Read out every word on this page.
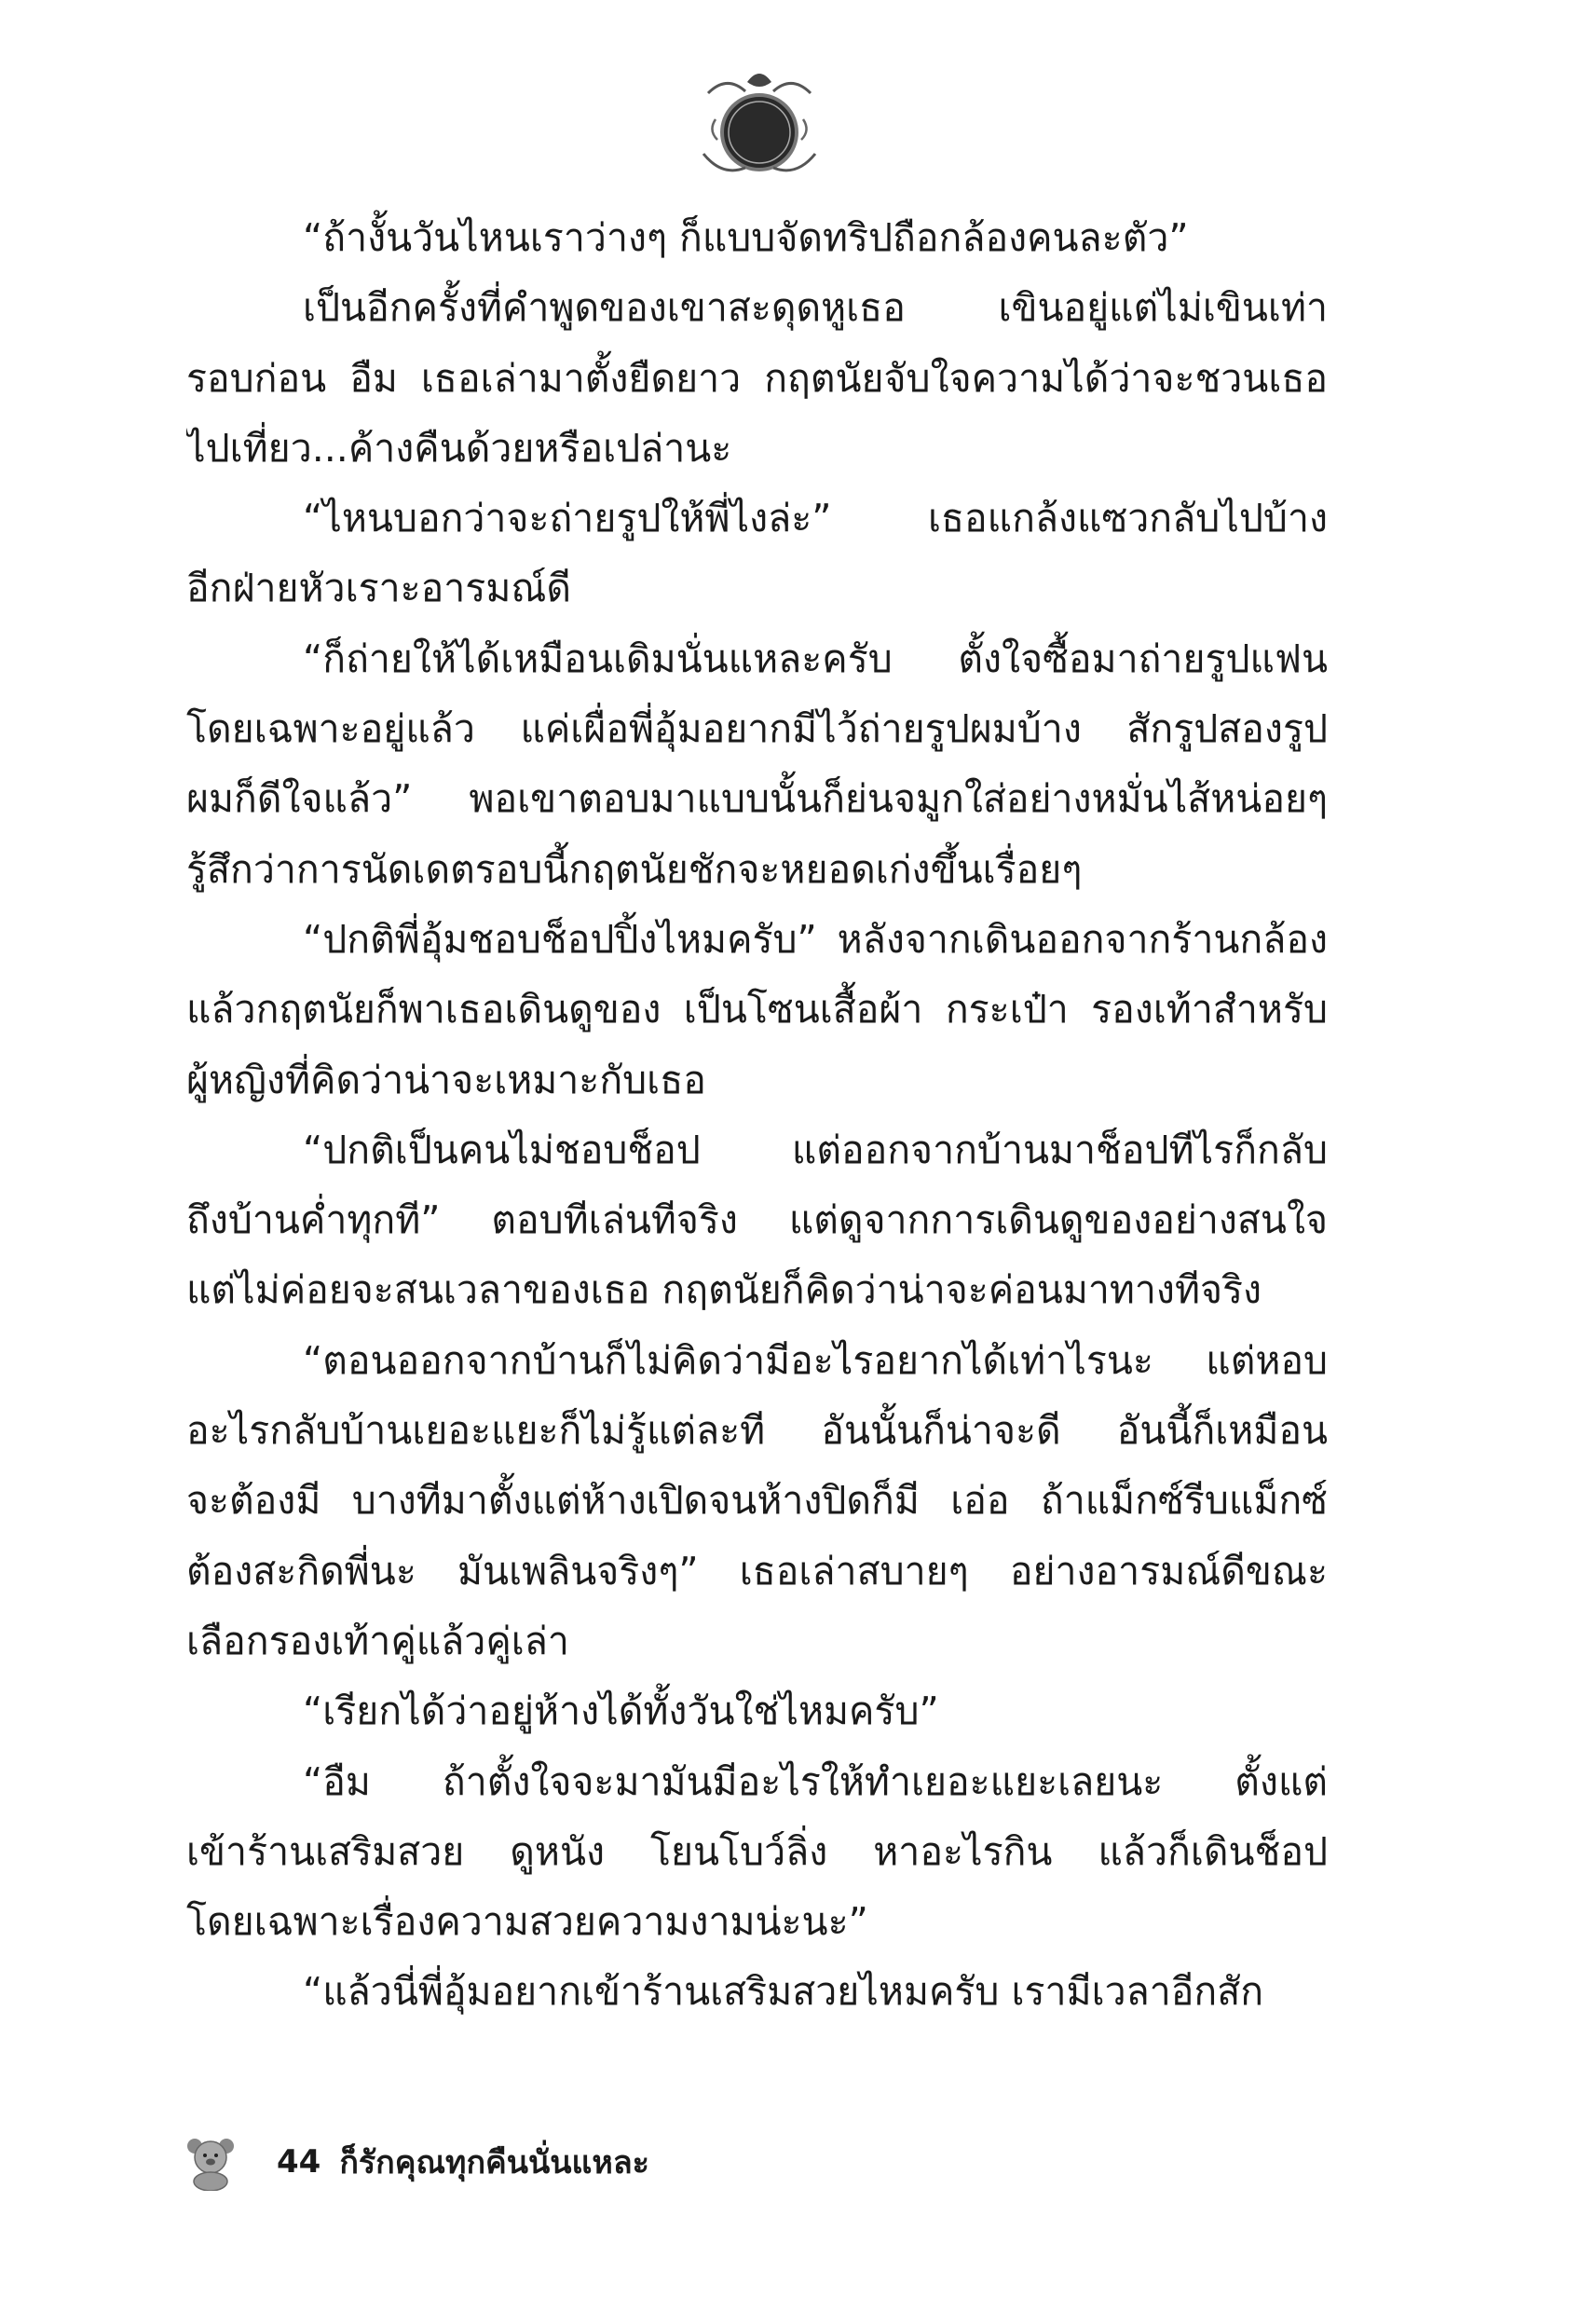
“ถ้างั้นวันไหนเราว่างๆ ก็แบบจัดทริปถือกล้องคนละตัว”
เป็นอีกครั้งที่คำพูดของเขาสะดุดหูเธอ เขินอยู่แต่ไม่เขินเท่า
รอบก่อน อืม เธอเล่ามาตั้งยืดยาว กฤตนัยจับใจความได้ว่าจะชวนเธอ
ไปเที่ยว...ค้างคืนด้วยหรือเปล่านะ
“ไหนบอกว่าจะถ่ายรูปให้พี่ไงล่ะ” เธอแกล้งแซวกลับไปบ้าง
อีกฝ่ายหัวเราะอารมณ์ดี
“ก็ถ่ายให้ได้เหมือนเดิมนั่นแหละครับ ตั้งใจซื้อมาถ่ายรูปแฟน
โดยเฉพาะอยู่แล้ว แค่เผื่อพี่อุ้มอยากมีไว้ถ่ายรูปผมบ้าง สักรูปสองรูป
ผมก็ดีใจแล้ว” พอเขาตอบมาแบบนั้นก็ย่นจมูกใส่อย่างหมั่นไส้หน่อยๆ
รู้สึกว่าการนัดเดตรอบนี้กฤตนัยชักจะหยอดเก่งขึ้นเรื่อยๆ
“ปกติพี่อุ้มชอบช็อปปิ้งไหมครับ” หลังจากเดินออกจากร้านกล้อง
แล้วกฤตนัยก็พาเธอเดินดูของ เป็นโซนเสื้อผ้า กระเป๋า รองเท้าสำหรับ
ผู้หญิงที่คิดว่าน่าจะเหมาะกับเธอ
“ปกติเป็นคนไม่ชอบช็อป แต่ออกจากบ้านมาช็อปทีไรก็กลับ
ถึงบ้านค่ำทุกที” ตอบทีเล่นทีจริง แต่ดูจากการเดินดูของอย่างสนใจ
แต่ไม่ค่อยจะสนเวลาของเธอ กฤตนัยก็คิดว่าน่าจะค่อนมาทางทีจริง
“ตอนออกจากบ้านก็ไม่คิดว่ามีอะไรอยากได้เท่าไรนะ แต่หอบ
อะไรกลับบ้านเยอะแยะก็ไม่รู้แต่ละที อันนั้นก็น่าจะดี อันนี้ก็เหมือน
จะต้องมี บางทีมาตั้งแต่ห้างเปิดจนห้างปิดก็มี เอ่อ ถ้าแม็กซ์รีบแม็กซ์
ต้องสะกิดพี่นะ มันเพลินจริงๆ” เธอเล่าสบายๆ อย่างอารมณ์ดีขณะ
เลือกรองเท้าคู่แล้วคู่เล่า
“เรียกได้ว่าอยู่ห้างได้ทั้งวันใช่ไหมครับ”
“อืม ถ้าตั้งใจจะมามันมีอะไรให้ทำเยอะแยะเลยนะ ตั้งแต่
เข้าร้านเสริมสวย ดูหนัง โยนโบว์ลิ่ง หาอะไรกิน แล้วก็เดินช็อป
โดยเฉพาะเรื่องความสวยความงามน่ะนะ”
“แล้วนี่พี่อุ้มอยากเข้าร้านเสริมสวยไหมครับ เรามีเวลาอีกสัก
44 ก็รักคุณทุกคืนนั่นแหละ
